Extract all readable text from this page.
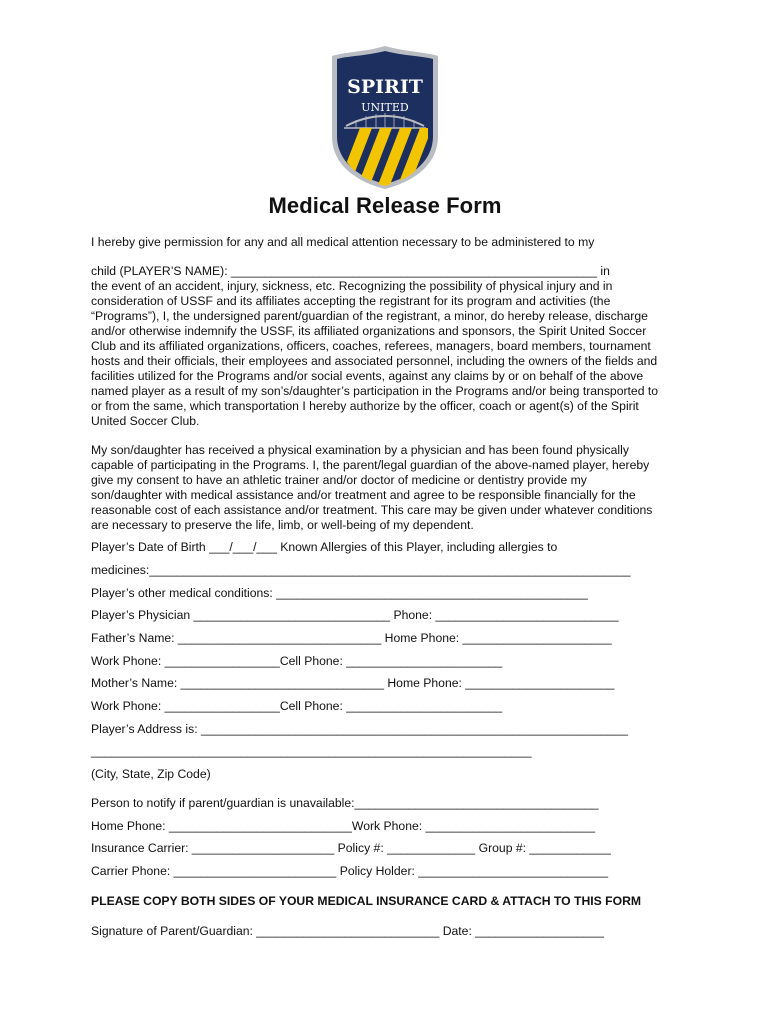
SPIRIT
UNITED
Medical Release Form

I hereby give permission for any and all medical attention necessary to be administered to my

child (PLAYER’S NAME): ______________________________________________________ in
the event of an accident, injury, sickness, etc. Recognizing the possibility of physical injury and in
consideration of USSF and its affiliates accepting the registrant for its program and activities (the
“Programs”), I, the undersigned parent/guardian of the registrant, a minor, do hereby release, discharge
and/or otherwise indemnify the USSF, its affiliated organizations and sponsors, the Spirit United Soccer
Club and its affiliated organizations, officers, coaches, referees, managers, board members, tournament
hosts and their officials, their employees and associated personnel, including the owners of the fields and
facilities utilized for the Programs and/or social events, against any claims by or on behalf of the above
named player as a result of my son’s/daughter’s participation in the Programs and/or being transported to
or from the same, which transportation I hereby authorize by the officer, coach or agent(s) of the Spirit
United Soccer Club.
My son/daughter has received a physical examination by a physician and has been found physically
capable of participating in the Programs. I, the parent/legal guardian of the above-named player, hereby
give my consent to have an athletic trainer and/or doctor of medicine or dentistry provide my
son/daughter with medical assistance and/or treatment and agree to be responsible financially for the
reasonable cost of each assistance and/or treatment. This care may be given under whatever conditions
are necessary to preserve the life, limb, or well-being of my dependent.

Player’s Date of Birth ___/___/___ Known Allergies of this Player, including allergies to

medicines:_______________________________________________________________________

Player’s other medical conditions: ______________________________________________

Player’s Physician _____________________________ Phone: ___________________________

Father’s Name: ______________________________ Home Phone: ______________________

Work Phone: _________________Cell Phone: _______________________

Mother’s Name: ______________________________ Home Phone: ______________________

Work Phone: _________________Cell Phone: _______________________

Player’s Address is: _______________________________________________________________

_________________________________________________________________

(City, State, Zip Code)

Person to notify if parent/guardian is unavailable:____________________________________

Home Phone: ___________________________Work Phone: _________________________

Insurance Carrier: _____________________ Policy #: _____________ Group #: ____________

Carrier Phone: ________________________ Policy Holder: ____________________________

PLEASE COPY BOTH SIDES OF YOUR MEDICAL INSURANCE CARD & ATTACH TO THIS FORM

Signature of Parent/Guardian: ___________________________ Date: ___________________
